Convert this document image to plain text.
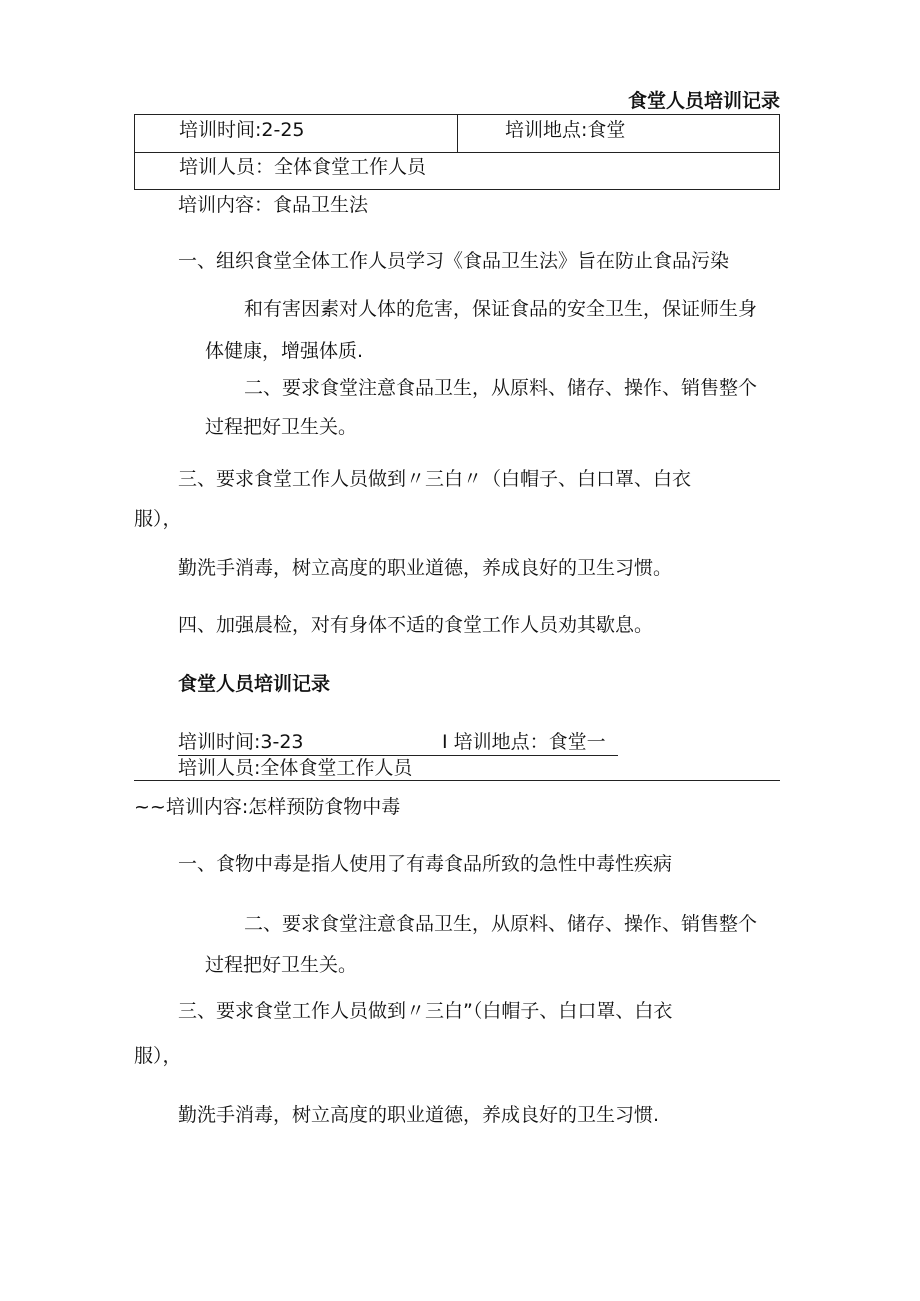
食堂人员培训记录
培训时间:2-25	培训地点:食堂
培训人员：全体食堂工作人员
培训内容：食品卫生法
一、组织食堂全体工作人员学习《食品卫生法》旨在防止食品污染
和有害因素对人体的危害，保证食品的安全卫生，保证师生身
体健康，增强体质.
二、要求食堂注意食品卫生，从原料、储存、操作、销售整个
过程把好卫生关。
三、要求食堂工作人员做到〃三白〃（白帽子、白口罩、白衣
服），
勤洗手消毒，树立高度的职业道德，养成良好的卫生习惯。
四、加强晨检，对有身体不适的食堂工作人员劝其歇息。
食堂人员培训记录
培训时间:3-23	I 培训地点：食堂一
培训人员:全体食堂工作人员
~~培训内容:怎样预防食物中毒
一、食物中毒是指人使用了有毒食品所致的急性中毒性疾病
二、要求食堂注意食品卫生，从原料、储存、操作、销售整个
过程把好卫生关。
三、要求食堂工作人员做到〃三白”（白帽子、白口罩、白衣
服），
勤洗手消毒，树立高度的职业道德，养成良好的卫生习惯.
